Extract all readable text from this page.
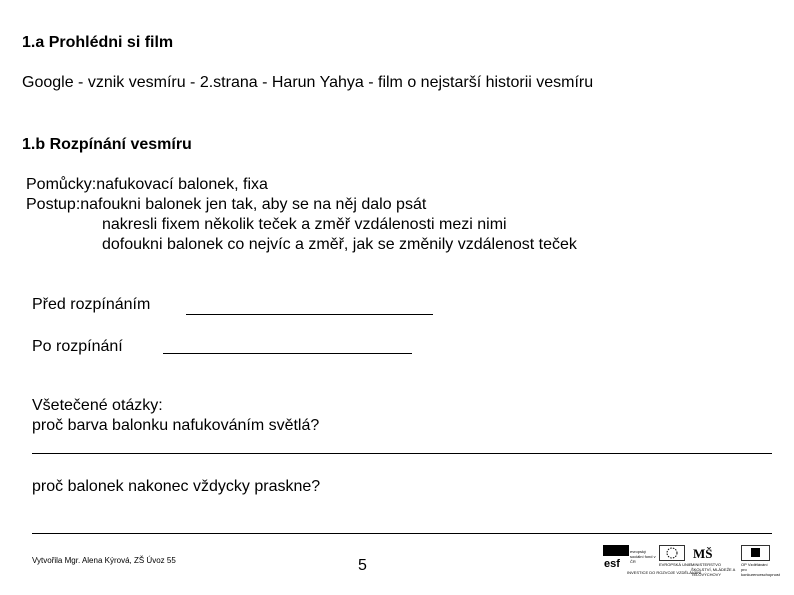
1.a Prohlédni si film
Google - vznik vesmíru - 2.strana - Harun Yahya - film o nejstarší historii vesmíru
1.b Rozpínání vesmíru
Pomůcky:nafukovací balonek, fixa
Postup:nafoukni balonek jen tak, aby se na něj dalo psát
nakresli fixem několik teček a změř vzdálenosti mezi nimi
dofoukni balonek co nejvíc a změř, jak se změnily vzdálenost teček
Před rozpínáním
Po rozpínání
Všetečené otázky:
proč barva balonku nafukováním světlá?
proč balonek nakonec vždycky praskne?
Vytvořila Mgr. Alena Kýrová, ZŠ Úvoz 55	5	esf
evropský sociální fond v ČR
EVROPSKÁ UNIE
MŠ
MINISTERSTVO ŠKOLSTVÍ, MLÁDEŽE A TĚLOVÝCHOVY
OP Vzdělávání pro konkurenceschopnost
INVESTICE DO ROZVOJE VZDĚLÁVÁNÍ
